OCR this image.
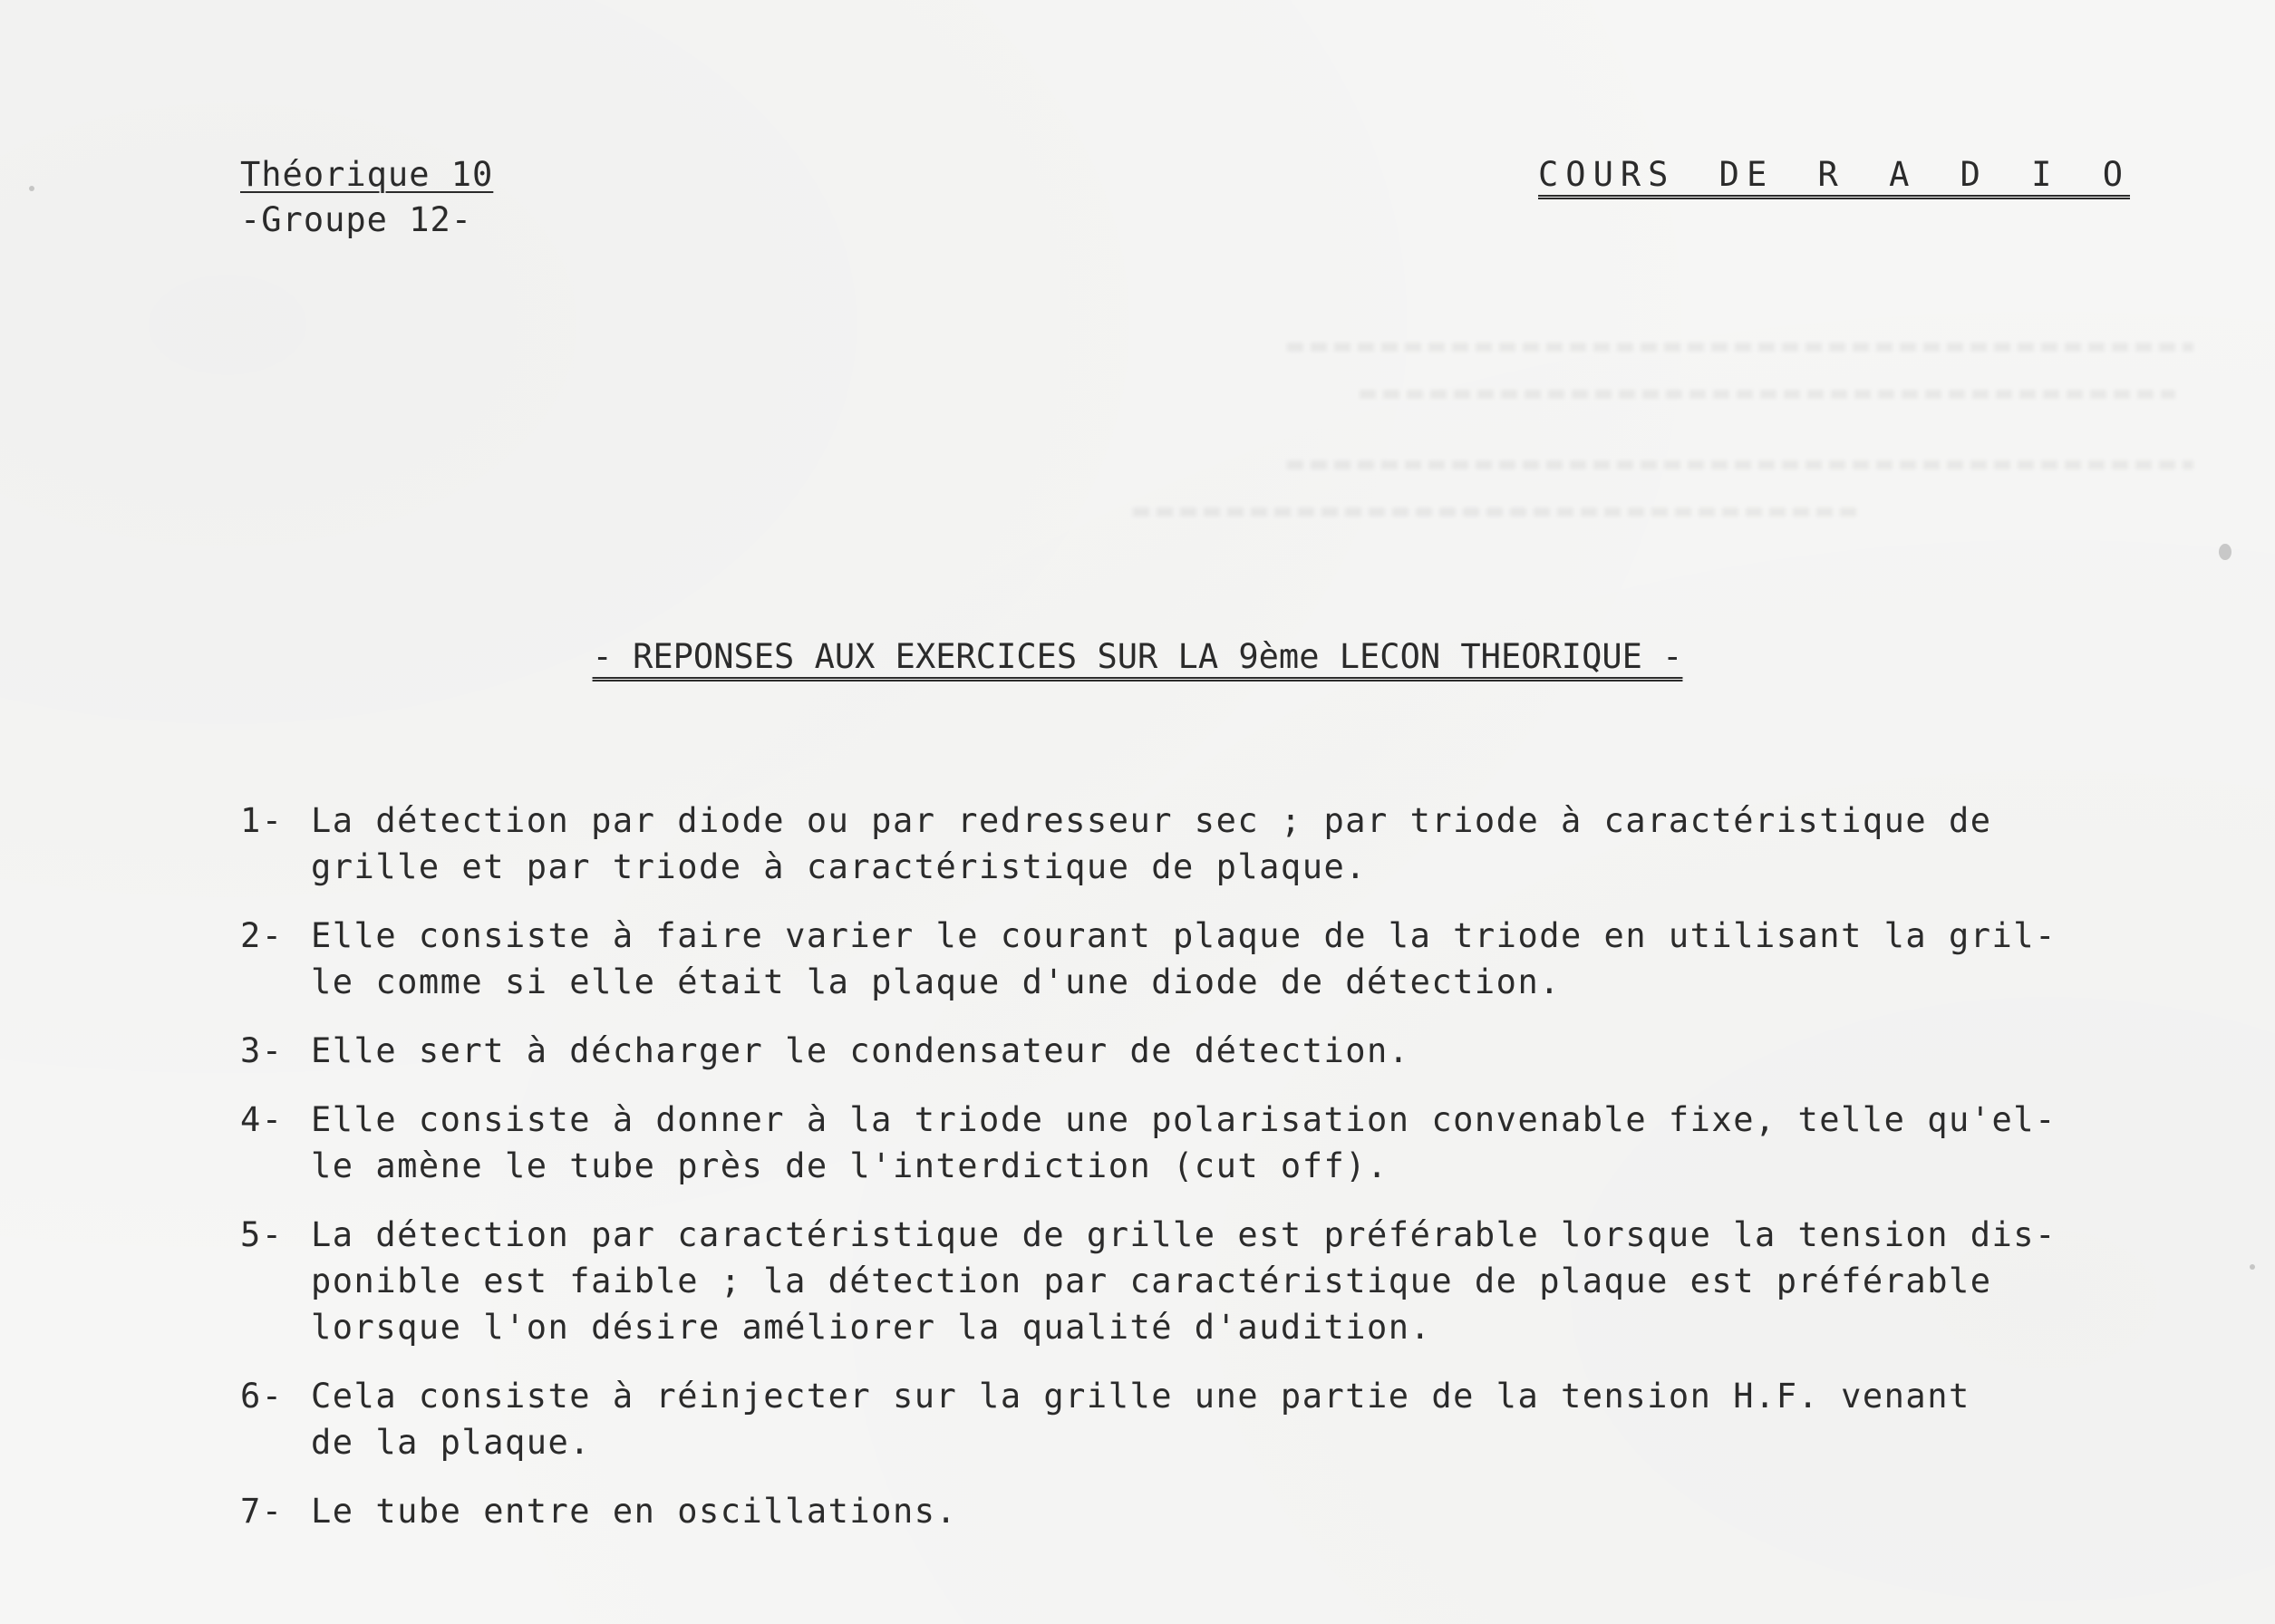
Théorique 10
-Groupe 12-
COURS DE R A D I O
- REPONSES AUX EXERCICES SUR LA 9ème LECON THEORIQUE -
1- La détection par diode ou par redresseur sec ; par triode à caractéristique de
grille et par triode à caractéristique de plaque.
2- Elle consiste à faire varier le courant plaque de la triode en utilisant la gril-
le comme si elle était la plaque d'une diode de détection.
3- Elle sert à décharger le condensateur de détection.
4- Elle consiste à donner à la triode une polarisation convenable fixe, telle qu'el-
le amène le tube près de l'interdiction (cut off).
5- La détection par caractéristique de grille est préférable lorsque la tension dis-
ponible est faible ; la détection par caractéristique de plaque est préférable
lorsque l'on désire améliorer la qualité d'audition.
6- Cela consiste à réinjecter sur la grille une partie de la tension H.F. venant
de la plaque.
7- Le tube entre en oscillations.
